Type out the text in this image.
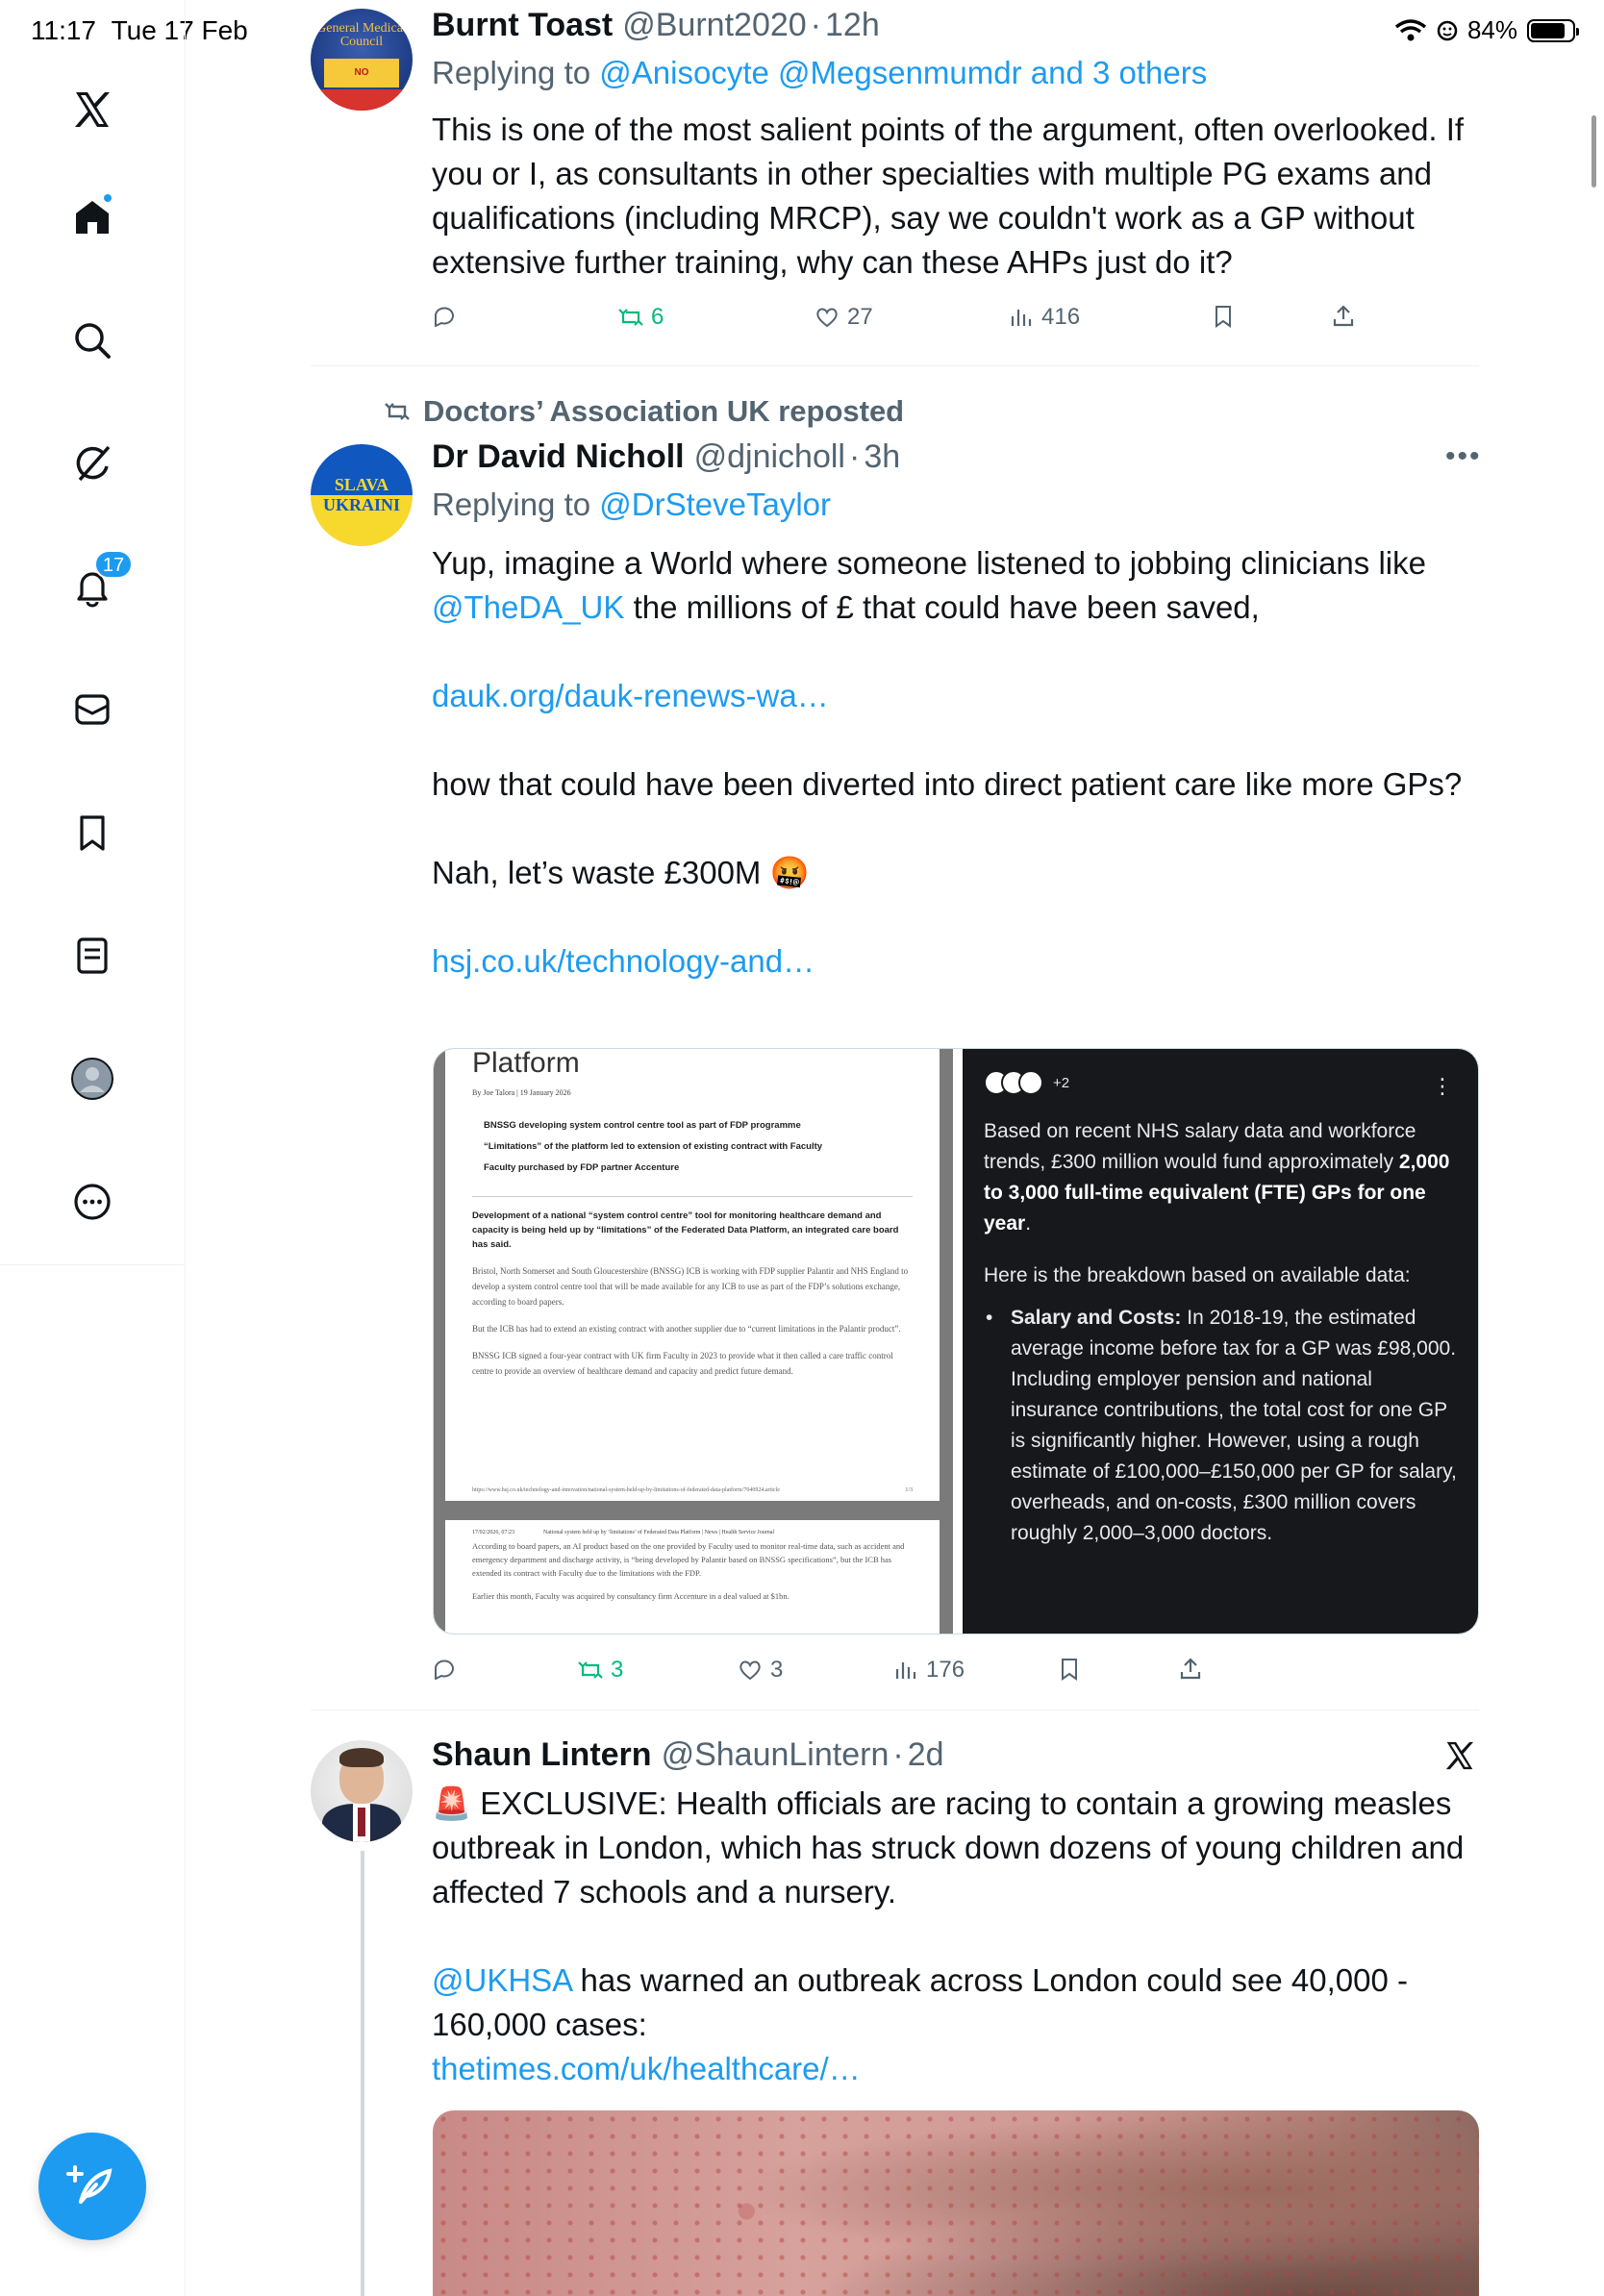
11:17 Tue 17 Feb	84%
17
General Medical Council
NO
Burnt Toast @Burnt2020 · 12h
Replying to @Anisocyte @Megsenmumdr and 3 others

This is one of the most salient points of the argument, often overlooked. If you or I, as consultants in other specialties with multiple PG exams and qualifications (including MRCP), say we couldn't work as a GP without extensive further training, why can these AHPs just do it?

6	27	416
Doctors’ Association UK reposted
SLAVA
UKRAINI
Dr David Nicholl @djnicholl · 3h	•••
Replying to @DrSteveTaylor

Yup, imagine a World where someone listened to jobbing clinicians like @TheDA_UK the millions of £ that could have been saved,

dauk.org/dauk-renews-wa…

how that could have been diverted into direct patient care like more GPs?

Nah, let’s waste £300M 🤬

hsj.co.uk/technology-and…

Platform
By Joe Talora | 19 January 2026
BNSSG developing system control centre tool as part of FDP programme
“Limitations” of the platform led to extension of existing contract with Faculty
Faculty purchased by FDP partner Accenture
Development of a national “system control centre” tool for monitoring healthcare demand and capacity is being held up by “limitations” of the Federated Data Platform, an integrated care board has said.
Bristol, North Somerset and South Gloucestershire (BNSSG) ICB is working with FDP supplier Palantir and NHS England to develop a system control centre tool that will be made available for any ICB to use as part of the FDP’s solutions exchange, according to board papers.
But the ICB has had to extend an existing contract with another supplier due to “current limitations in the Palantir product”.
BNSSG ICB signed a four-year contract with UK firm Faculty in 2023 to provide what it then called a care traffic control centre to provide an overview of healthcare demand and capacity and predict future demand.
https://www.hsj.co.uk/technology-and-innovation/national-system-held-up-by-limitations-of-federated-data-platform/7040924.article	1/3
17/02/2026, 07:23	National system held up by ‘limitations’ of Federated Data Platform | News | Health Service Journal
According to board papers, an AI product based on the one provided by Faculty used to monitor real-time data, such as accident and emergency department and discharge activity, is “being developed by Palantir based on BNSSG specifications”, but the ICB has extended its contract with Faculty due to the limitations with the FDP.
Earlier this month, Faculty was acquired by consultancy firm Accenture in a deal valued at $1bn.
+2	⋮
Based on recent NHS salary data and workforce trends, £300 million would fund approximately 2,000 to 3,000 full-time equivalent (FTE) GPs for one year.
Here is the breakdown based on available data:
• Salary and Costs: In 2018-19, the estimated average income before tax for a GP was £98,000. Including employer pension and national insurance contributions, the total cost for one GP is significantly higher. However, using a rough estimate of £100,000–£150,000 per GP for salary, overheads, and on-costs, £300 million covers roughly 2,000–3,000 doctors.
3	3	176
Shaun Lintern @ShaunLintern · 2d

🚨 EXCLUSIVE: Health officials are racing to contain a growing measles outbreak in London, which has struck down dozens of young children and affected 7 schools and a nursery.

@UKHSA has warned an outbreak across London could see 40,000 - 160,000 cases:

thetimes.com/uk/healthcare/…
